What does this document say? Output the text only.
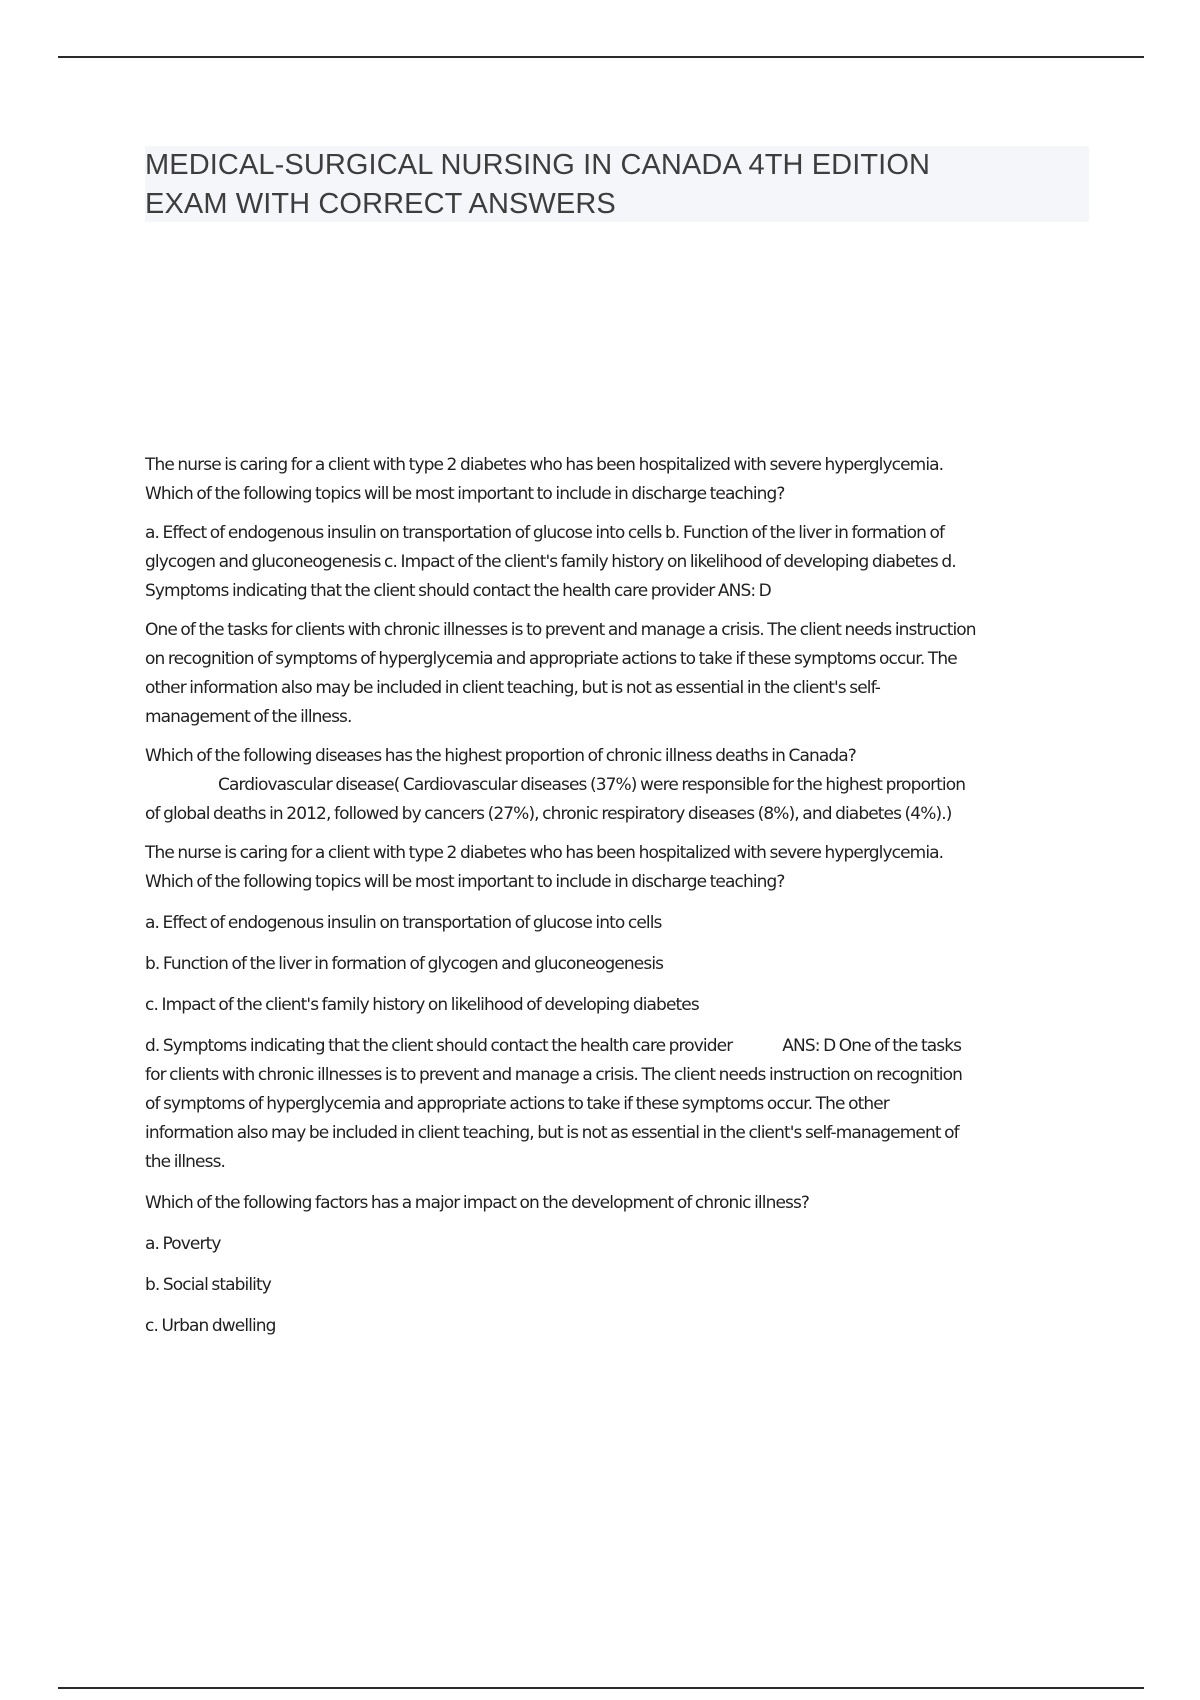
MEDICAL-SURGICAL NURSING IN CANADA 4TH EDITION
EXAM WITH CORRECT ANSWERS

The nurse is caring for a client with type 2 diabetes who has been hospitalized with severe hyperglycemia.
Which of the following topics will be most important to include in discharge teaching?

a. Effect of endogenous insulin on transportation of glucose into cells b. Function of the liver in formation of
glycogen and gluconeogenesis c. Impact of the client's family history on likelihood of developing diabetes d.
Symptoms indicating that the client should contact the health care provider ANS: D

One of the tasks for clients with chronic illnesses is to prevent and manage a crisis. The client needs instruction
on recognition of symptoms of hyperglycemia and appropriate actions to take if these symptoms occur. The
other information also may be included in client teaching, but is not as essential in the client's self-
management of the illness.

Which of the following diseases has the highest proportion of chronic illness deaths in Canada?
Cardiovascular disease( Cardiovascular diseases (37%) were responsible for the highest proportion
of global deaths in 2012, followed by cancers (27%), chronic respiratory diseases (8%), and diabetes (4%).)

The nurse is caring for a client with type 2 diabetes who has been hospitalized with severe hyperglycemia.
Which of the following topics will be most important to include in discharge teaching?

a. Effect of endogenous insulin on transportation of glucose into cells

b. Function of the liver in formation of glycogen and gluconeogenesis

c. Impact of the client's family history on likelihood of developing diabetes

d. Symptoms indicating that the client should contact the health care provider	ANS: D One of the tasks
for clients with chronic illnesses is to prevent and manage a crisis. The client needs instruction on recognition
of symptoms of hyperglycemia and appropriate actions to take if these symptoms occur. The other
information also may be included in client teaching, but is not as essential in the client's self-management of
the illness.

Which of the following factors has a major impact on the development of chronic illness?

a. Poverty

b. Social stability

c. Urban dwelling
